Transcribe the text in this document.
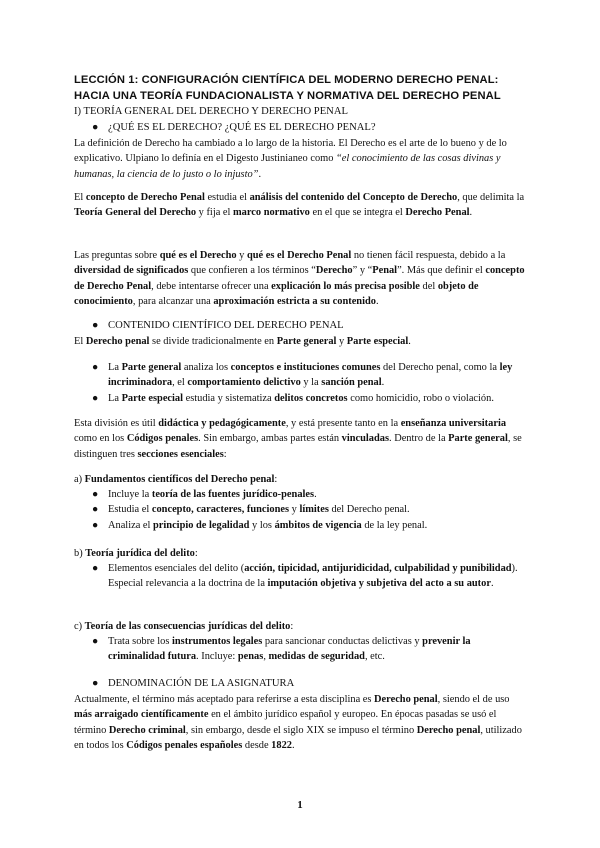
LECCIÓN 1: CONFIGURACIÓN CIENTÍFICA DEL MODERNO DERECHO PENAL:
HACIA UNA TEORÍA FUNDACIONALISTA Y NORMATIVA DEL DERECHO PENAL
I) TEORÍA GENERAL DEL DERECHO Y DERECHO PENAL
● ¿QUÉ ES EL DERECHO? ¿QUÉ ES EL DERECHO PENAL?

La definición de Derecho ha cambiado a lo largo de la historia. El Derecho es el arte de lo bueno y de lo explicativo. Ulpiano lo definía en el Digesto Justinianeo como “el conocimiento de las cosas divinas y humanas, la ciencia de lo justo o lo injusto”.

El concepto de Derecho Penal estudia el análisis del contenido del Concepto de Derecho, que delimita la Teoría General del Derecho y fija el marco normativo en el que se integra el Derecho Penal.

Las preguntas sobre qué es el Derecho y qué es el Derecho Penal no tienen fácil respuesta, debido a la diversidad de significados que confieren a los términos “Derecho” y “Penal”. Más que definir el concepto de Derecho Penal, debe intentarse ofrecer una explicación lo más precisa posible del objeto de conocimiento, para alcanzar una aproximación estricta a su contenido.

● CONTENIDO CIENTÍFICO DEL DERECHO PENAL

El Derecho penal se divide tradicionalmente en Parte general y Parte especial.

● La Parte general analiza los conceptos e instituciones comunes del Derecho penal, como la ley incriminadora, el comportamiento delictivo y la sanción penal.
● La Parte especial estudia y sistematiza delitos concretos como homicidio, robo o violación.

Esta división es útil didáctica y pedagógicamente, y está presente tanto en la enseñanza universitaria como en los Códigos penales. Sin embargo, ambas partes están vinculadas. Dentro de la Parte general, se distinguen tres secciones esenciales:

a) Fundamentos científicos del Derecho penal:

● Incluye la teoría de las fuentes jurídico-penales.
● Estudia el concepto, caracteres, funciones y límites del Derecho penal.
● Analiza el principio de legalidad y los ámbitos de vigencia de la ley penal.

b) Teoría jurídica del delito:

● Elementos esenciales del delito (acción, tipicidad, antijuridicidad, culpabilidad y punibilidad). Especial relevancia a la doctrina de la imputación objetiva y subjetiva del acto a su autor.

c) Teoría de las consecuencias jurídicas del delito:

● Trata sobre los instrumentos legales para sancionar conductas delictivas y prevenir la criminalidad futura. Incluye: penas, medidas de seguridad, etc.
● DENOMINACIÓN DE LA ASIGNATURA

Actualmente, el término más aceptado para referirse a esta disciplina es Derecho penal, siendo el de uso más arraigado científicamente en el ámbito jurídico español y europeo. En épocas pasadas se usó el término Derecho criminal, sin embargo, desde el siglo XIX se impuso el término Derecho penal, utilizado en todos los Códigos penales españoles desde 1822.

1
